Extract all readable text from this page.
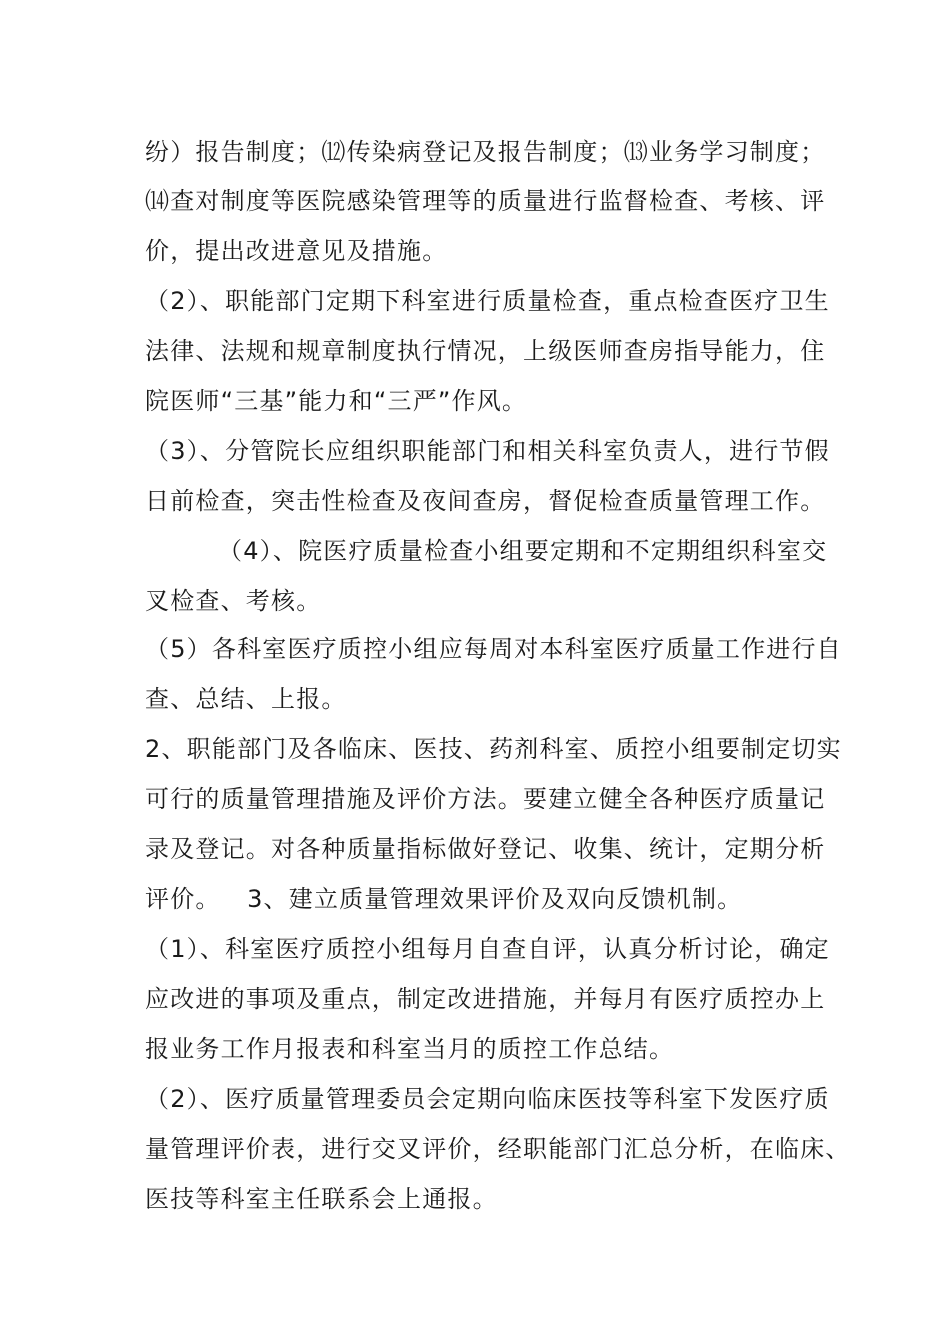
纷）报告制度；⑿传染病登记及报告制度；⒀业务学习制度；
⒁查对制度等医院感染管理等的质量进行监督检查、考核、评
价，提出改进意见及措施。
（2）、职能部门定期下科室进行质量检查，重点检查医疗卫生
法律、法规和规章制度执行情况，上级医师查房指导能力，住
院医师“三基”能力和“三严”作风。
（3）、分管院长应组织职能部门和相关科室负责人，进行节假
日前检查，突击性检查及夜间查房，督促检查质量管理工作。
（4）、院医疗质量检查小组要定期和不定期组织科室交
叉检查、考核。
（5）各科室医疗质控小组应每周对本科室医疗质量工作进行自
查、总结、上报。
2、职能部门及各临床、医技、药剂科室、质控小组要制定切实
可行的质量管理措施及评价方法。要建立健全各种医疗质量记
录及登记。对各种质量指标做好登记、收集、统计，定期分析
评价。   3、建立质量管理效果评价及双向反馈机制。
（1）、科室医疗质控小组每月自查自评，认真分析讨论，确定
应改进的事项及重点，制定改进措施，并每月有医疗质控办上
报业务工作月报表和科室当月的质控工作总结。
（2）、医疗质量管理委员会定期向临床医技等科室下发医疗质
量管理评价表，进行交叉评价，经职能部门汇总分析，在临床、
医技等科室主任联系会上通报。
